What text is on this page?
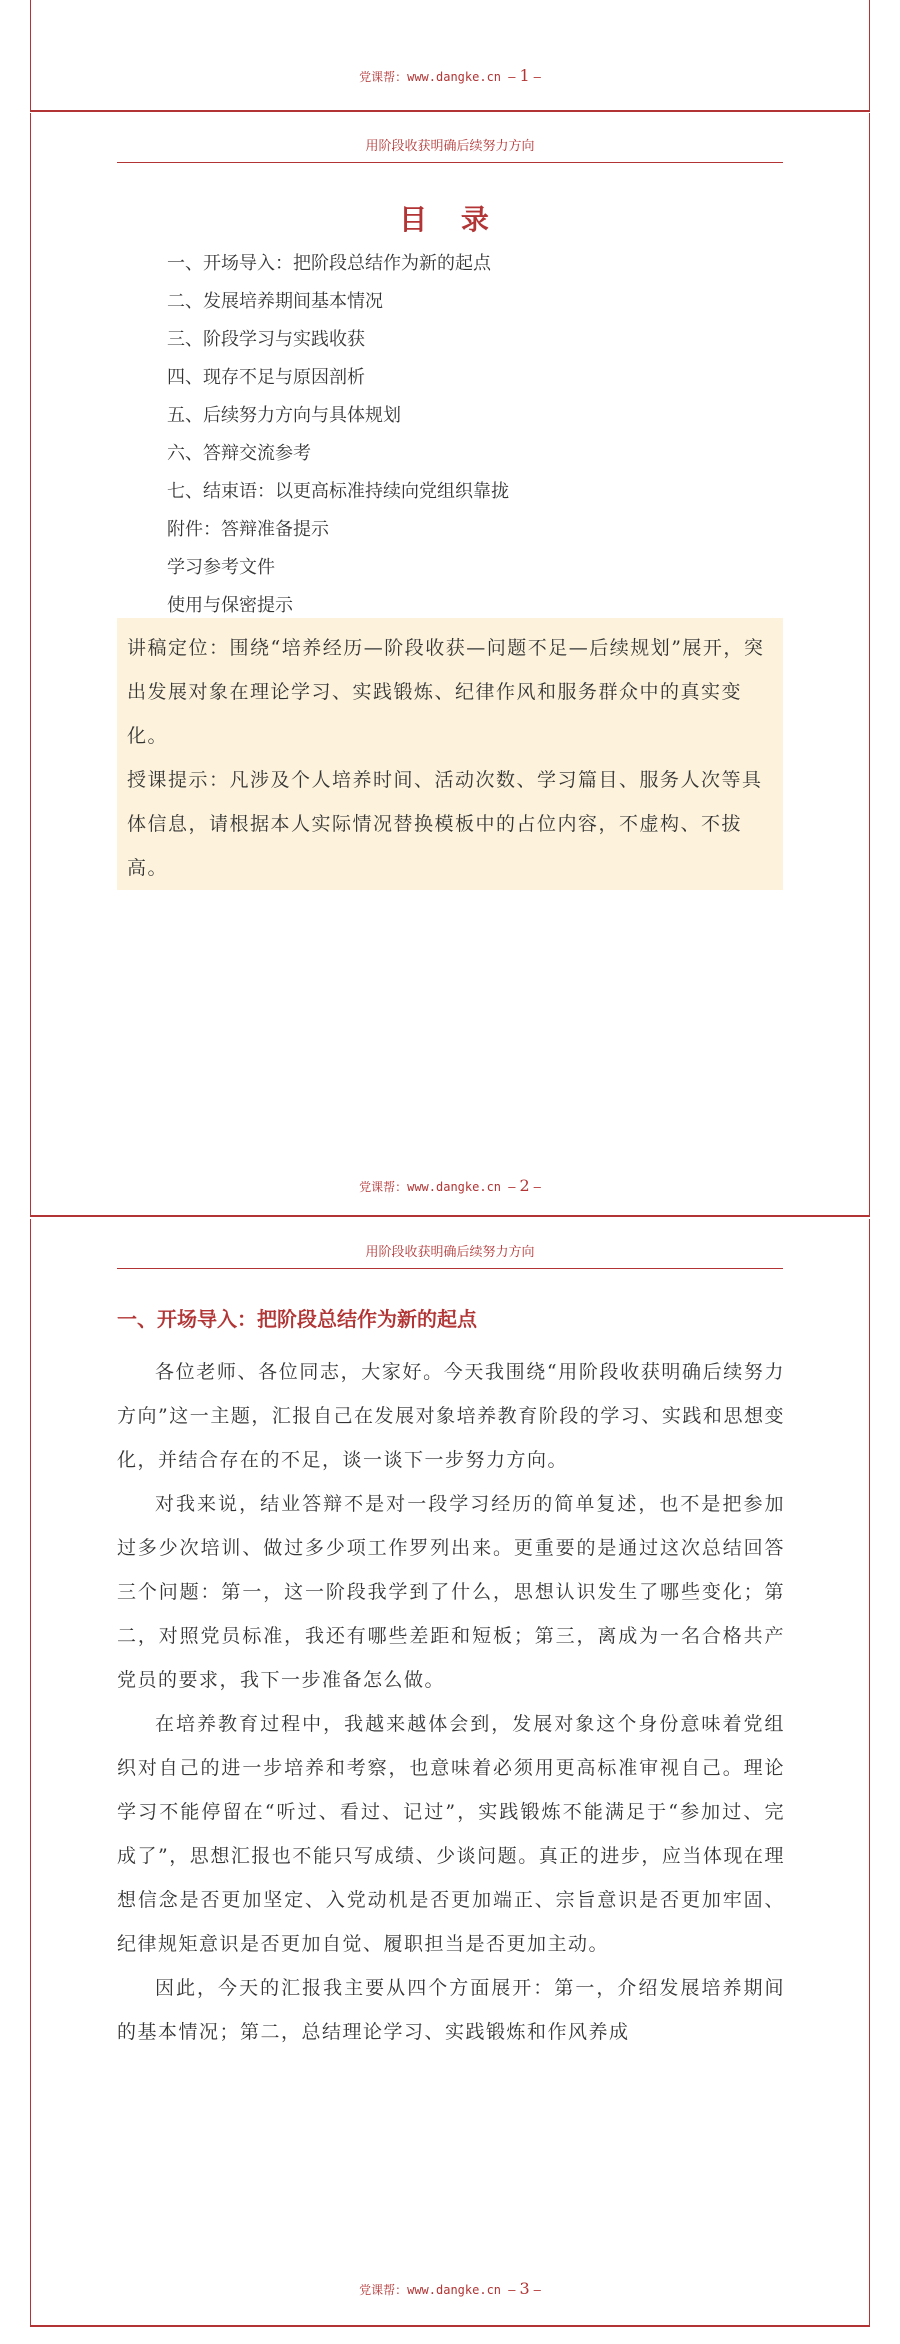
党课帮：www.dangke.cn — 1 —
用阶段收获明确后续努力方向
目 录
一、开场导入：把阶段总结作为新的起点
二、发展培养期间基本情况
三、阶段学习与实践收获
四、现存不足与原因剖析
五、后续努力方向与具体规划
六、答辩交流参考
七、结束语：以更高标准持续向党组织靠拢
附件：答辩准备提示
学习参考文件
使用与保密提示

讲稿定位：围绕“培养经历—阶段收获—问题不足—后续规划”展开，突出发展对象在理论学习、实践锻炼、纪律作风和服务群众中的真实变化。

授课提示：凡涉及个人培养时间、活动次数、学习篇目、服务人次等具体信息，请根据本人实际情况替换模板中的占位内容，不虚构、不拔高。

党课帮：www.dangke.cn — 2 —
用阶段收获明确后续努力方向
一、开场导入：把阶段总结作为新的起点

各位老师、各位同志，大家好。今天我围绕“用阶段收获明确后续努力方向”这一主题，汇报自己在发展对象培养教育阶段的学习、实践和思想变化，并结合存在的不足，谈一谈下一步努力方向。

对我来说，结业答辩不是对一段学习经历的简单复述，也不是把参加过多少次培训、做过多少项工作罗列出来。更重要的是通过这次总结回答三个问题：第一，这一阶段我学到了什么，思想认识发生了哪些变化；第二，对照党员标准，我还有哪些差距和短板；第三，离成为一名合格共产党员的要求，我下一步准备怎么做。

在培养教育过程中，我越来越体会到，发展对象这个身份意味着党组织对自己的进一步培养和考察，也意味着必须用更高标准审视自己。理论学习不能停留在“听过、看过、记过”，实践锻炼不能满足于“参加过、完成了”，思想汇报也不能只写成绩、少谈问题。真正的进步，应当体现在理想信念是否更加坚定、入党动机是否更加端正、宗旨意识是否更加牢固、纪律规矩意识是否更加自觉、履职担当是否更加主动。

因此，今天的汇报我主要从四个方面展开：第一，介绍发展培养期间的基本情况；第二，总结理论学习、实践锻炼和作风养成

党课帮：www.dangke.cn — 3 —
